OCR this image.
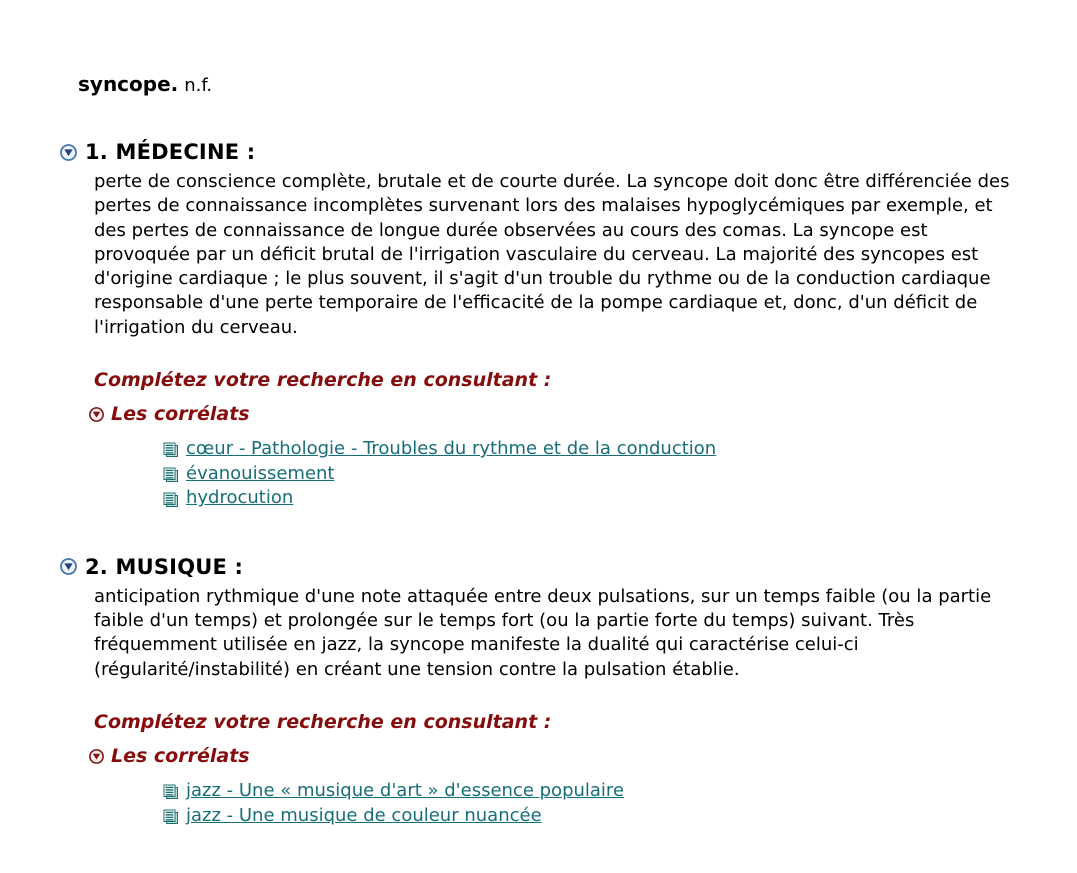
syncope. n.f.
1. MÉDECINE :

perte de conscience complète, brutale et de courte durée. La syncope doit donc être différenciée des pertes de connaissance incomplètes survenant lors des malaises hypoglycémiques par exemple, et des pertes de connaissance de longue durée observées au cours des comas. La syncope est provoquée par un déficit brutal de l'irrigation vasculaire du cerveau. La majorité des syncopes est d'origine cardiaque ; le plus souvent, il s'agit d'un trouble du rythme ou de la conduction cardiaque responsable d'une perte temporaire de l'efficacité de la pompe cardiaque et, donc, d'un déficit de l'irrigation du cerveau.

Complétez votre recherche en consultant :

Les corrélats
cœur - Pathologie - Troubles du rythme et de la conduction
évanouissement
hydrocution
2. MUSIQUE :

anticipation rythmique d'une note attaquée entre deux pulsations, sur un temps faible (ou la partie faible d'un temps) et prolongée sur le temps fort (ou la partie forte du temps) suivant. Très fréquemment utilisée en jazz, la syncope manifeste la dualité qui caractérise celui-ci (régularité/instabilité) en créant une tension contre la pulsation établie.

Complétez votre recherche en consultant :

Les corrélats
jazz - Une « musique d'art » d'essence populaire
jazz - Une musique de couleur nuancée
